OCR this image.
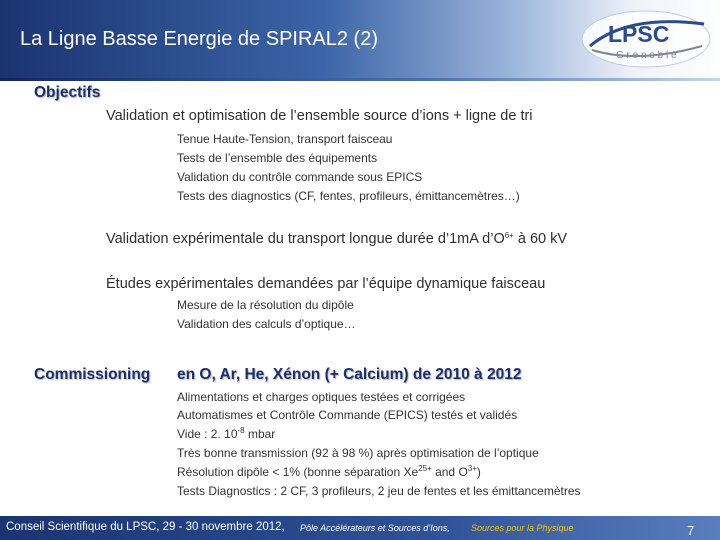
La Ligne Basse Energie de SPIRAL2 (2)	LPSC
G r e n o b l e
Objectifs
Validation et optimisation de l’ensemble source d’ions + ligne de tri
Tenue Haute-Tension, transport faisceau
Tests de l’ensemble des équipements
Validation du contrôle commande sous EPICS
Tests des diagnostics (CF, fentes, profileurs, émittancemètres…)
Validation expérimentale du transport longue durée d’1mA $d’O^{6+}$ à 60 kV
Études expérimentales demandées par l’équipe dynamique faisceau
Mesure de la résolution du dipôle
Validation des calculs d’optique…
Commissioning en O, Ar, He, Xénon (+ Calcium) de 2010 à 2012
Alimentations et charges optiques testées et corrigées
Automatismes et Contrôle Commande (EPICS) testés et validés
Vide : 2. $10^{-8}$ mbar
Très bonne transmission (92 à 98 %) après optimisation de l’optique
Résolution dipôle < 1% (bonne séparation $Xe^{25+}$ and $O^{3+}$)
Tests Diagnostics : 2 CF, 3 profileurs, 2 jeu de fentes et les émittancemètres
Conseil Scientifique du LPSC, 29 - 30 novembre 2012, Pôle Accélérateurs et Sources d’Ions, Sources pour la Physique	7
